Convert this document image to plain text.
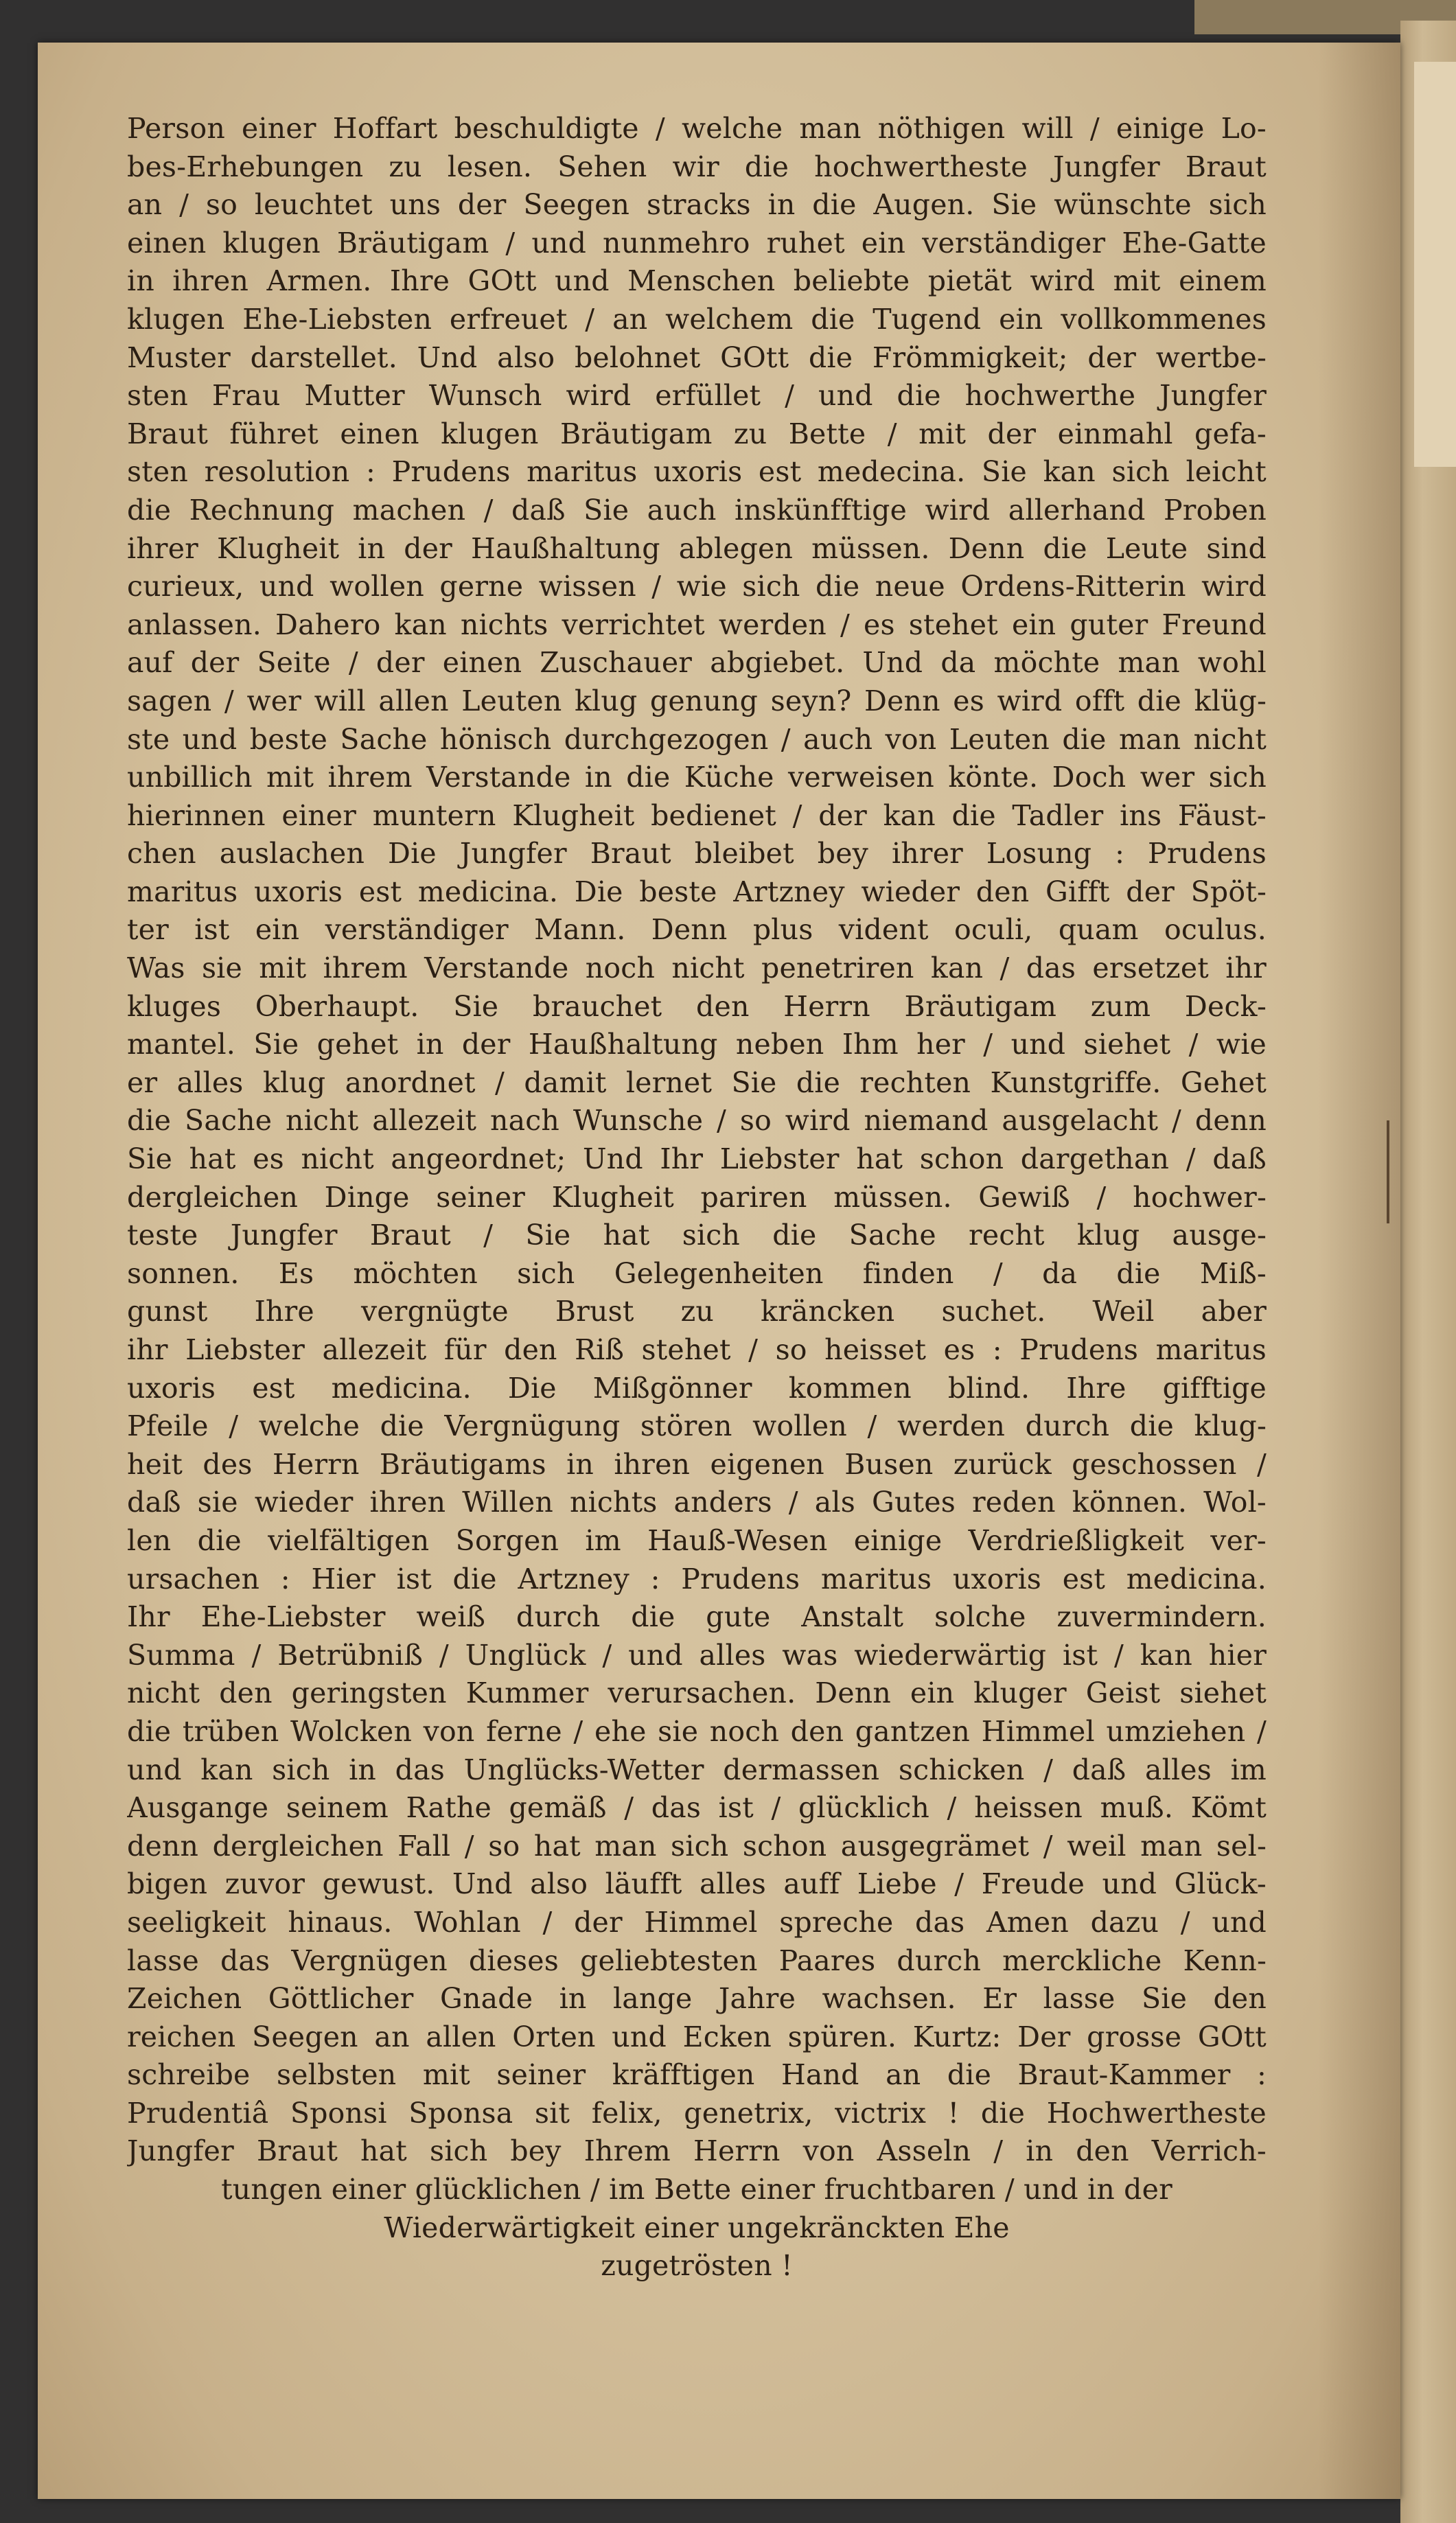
Person einer Hoffart beschuldigte / welche man nöthigen will / einige Lo-
bes-Erhebungen zu lesen. Sehen wir die hochwertheste Jungfer Braut
an / so leuchtet uns der Seegen stracks in die Augen. Sie wünschte sich
einen klugen Bräutigam / und nunmehro ruhet ein verständiger Ehe-Gatte
in ihren Armen. Ihre GOtt und Menschen beliebte pietät wird mit einem
klugen Ehe-Liebsten erfreuet / an welchem die Tugend ein vollkommenes
Muster darstellet. Und also belohnet GOtt die Frömmigkeit; der wertbe-
sten Frau Mutter Wunsch wird erfüllet / und die hochwerthe Jungfer
Braut führet einen klugen Bräutigam zu Bette / mit der einmahl gefa-
sten resolution : Prudens maritus uxoris est medecina. Sie kan sich leicht
die Rechnung machen / daß Sie auch inskünfftige wird allerhand Proben
ihrer Klugheit in der Haußhaltung ablegen müssen. Denn die Leute sind
curieux, und wollen gerne wissen / wie sich die neue Ordens-Ritterin wird
anlassen. Dahero kan nichts verrichtet werden / es stehet ein guter Freund
auf der Seite / der einen Zuschauer abgiebet. Und da möchte man wohl
sagen / wer will allen Leuten klug genung seyn? Denn es wird offt die klüg-
ste und beste Sache hönisch durchgezogen / auch von Leuten die man nicht
unbillich mit ihrem Verstande in die Küche verweisen könte. Doch wer sich
hierinnen einer muntern Klugheit bedienet / der kan die Tadler ins Fäust-
chen auslachen Die Jungfer Braut bleibet bey ihrer Losung : Prudens
maritus uxoris est medicina. Die beste Artzney wieder den Gifft der Spöt-
ter ist ein verständiger Mann. Denn plus vident oculi, quam oculus.
Was sie mit ihrem Verstande noch nicht penetriren kan / das ersetzet ihr
kluges Oberhaupt. Sie brauchet den Herrn Bräutigam zum Deck-
mantel. Sie gehet in der Haußhaltung neben Ihm her / und siehet / wie
er alles klug anordnet / damit lernet Sie die rechten Kunstgriffe. Gehet
die Sache nicht allezeit nach Wunsche / so wird niemand ausgelacht / denn
Sie hat es nicht angeordnet; Und Ihr Liebster hat schon dargethan / daß
dergleichen Dinge seiner Klugheit pariren müssen. Gewiß / hochwer-
teste Jungfer Braut / Sie hat sich die Sache recht klug ausge-
sonnen. Es möchten sich Gelegenheiten finden / da die Miß-
gunst Ihre vergnügte Brust zu kräncken suchet. Weil aber
ihr Liebster allezeit für den Riß stehet / so heisset es : Prudens maritus
uxoris est medicina. Die Mißgönner kommen blind. Ihre gifftige
Pfeile / welche die Vergnügung stören wollen / werden durch die klug-
heit des Herrn Bräutigams in ihren eigenen Busen zurück geschossen /
daß sie wieder ihren Willen nichts anders / als Gutes reden können. Wol-
len die vielfältigen Sorgen im Hauß-Wesen einige Verdrießligkeit ver-
ursachen : Hier ist die Artzney : Prudens maritus uxoris est medicina.
Ihr Ehe-Liebster weiß durch die gute Anstalt solche zuvermindern.
Summa / Betrübniß / Unglück / und alles was wiederwärtig ist / kan hier
nicht den geringsten Kummer verursachen. Denn ein kluger Geist siehet
die trüben Wolcken von ferne / ehe sie noch den gantzen Himmel umziehen /
und kan sich in das Unglücks-Wetter dermassen schicken / daß alles im
Ausgange seinem Rathe gemäß / das ist / glücklich / heissen muß. Kömt
denn dergleichen Fall / so hat man sich schon ausgegrämet / weil man sel-
bigen zuvor gewust. Und also läufft alles auff Liebe / Freude und Glück-
seeligkeit hinaus. Wohlan / der Himmel spreche das Amen dazu / und
lasse das Vergnügen dieses geliebtesten Paares durch merckliche Kenn-
Zeichen Göttlicher Gnade in lange Jahre wachsen. Er lasse Sie den
reichen Seegen an allen Orten und Ecken spüren. Kurtz: Der grosse GOtt
schreibe selbsten mit seiner kräfftigen Hand an die Braut-Kammer :
Prudentiâ Sponsi Sponsa sit felix, genetrix, victrix ! die Hochwertheste
Jungfer Braut hat sich bey Ihrem Herrn von Asseln / in den Verrich-
tungen einer glücklichen / im Bette einer fruchtbaren / und in der
Wiederwärtigkeit einer ungekränckten Ehe
zugetrösten !
